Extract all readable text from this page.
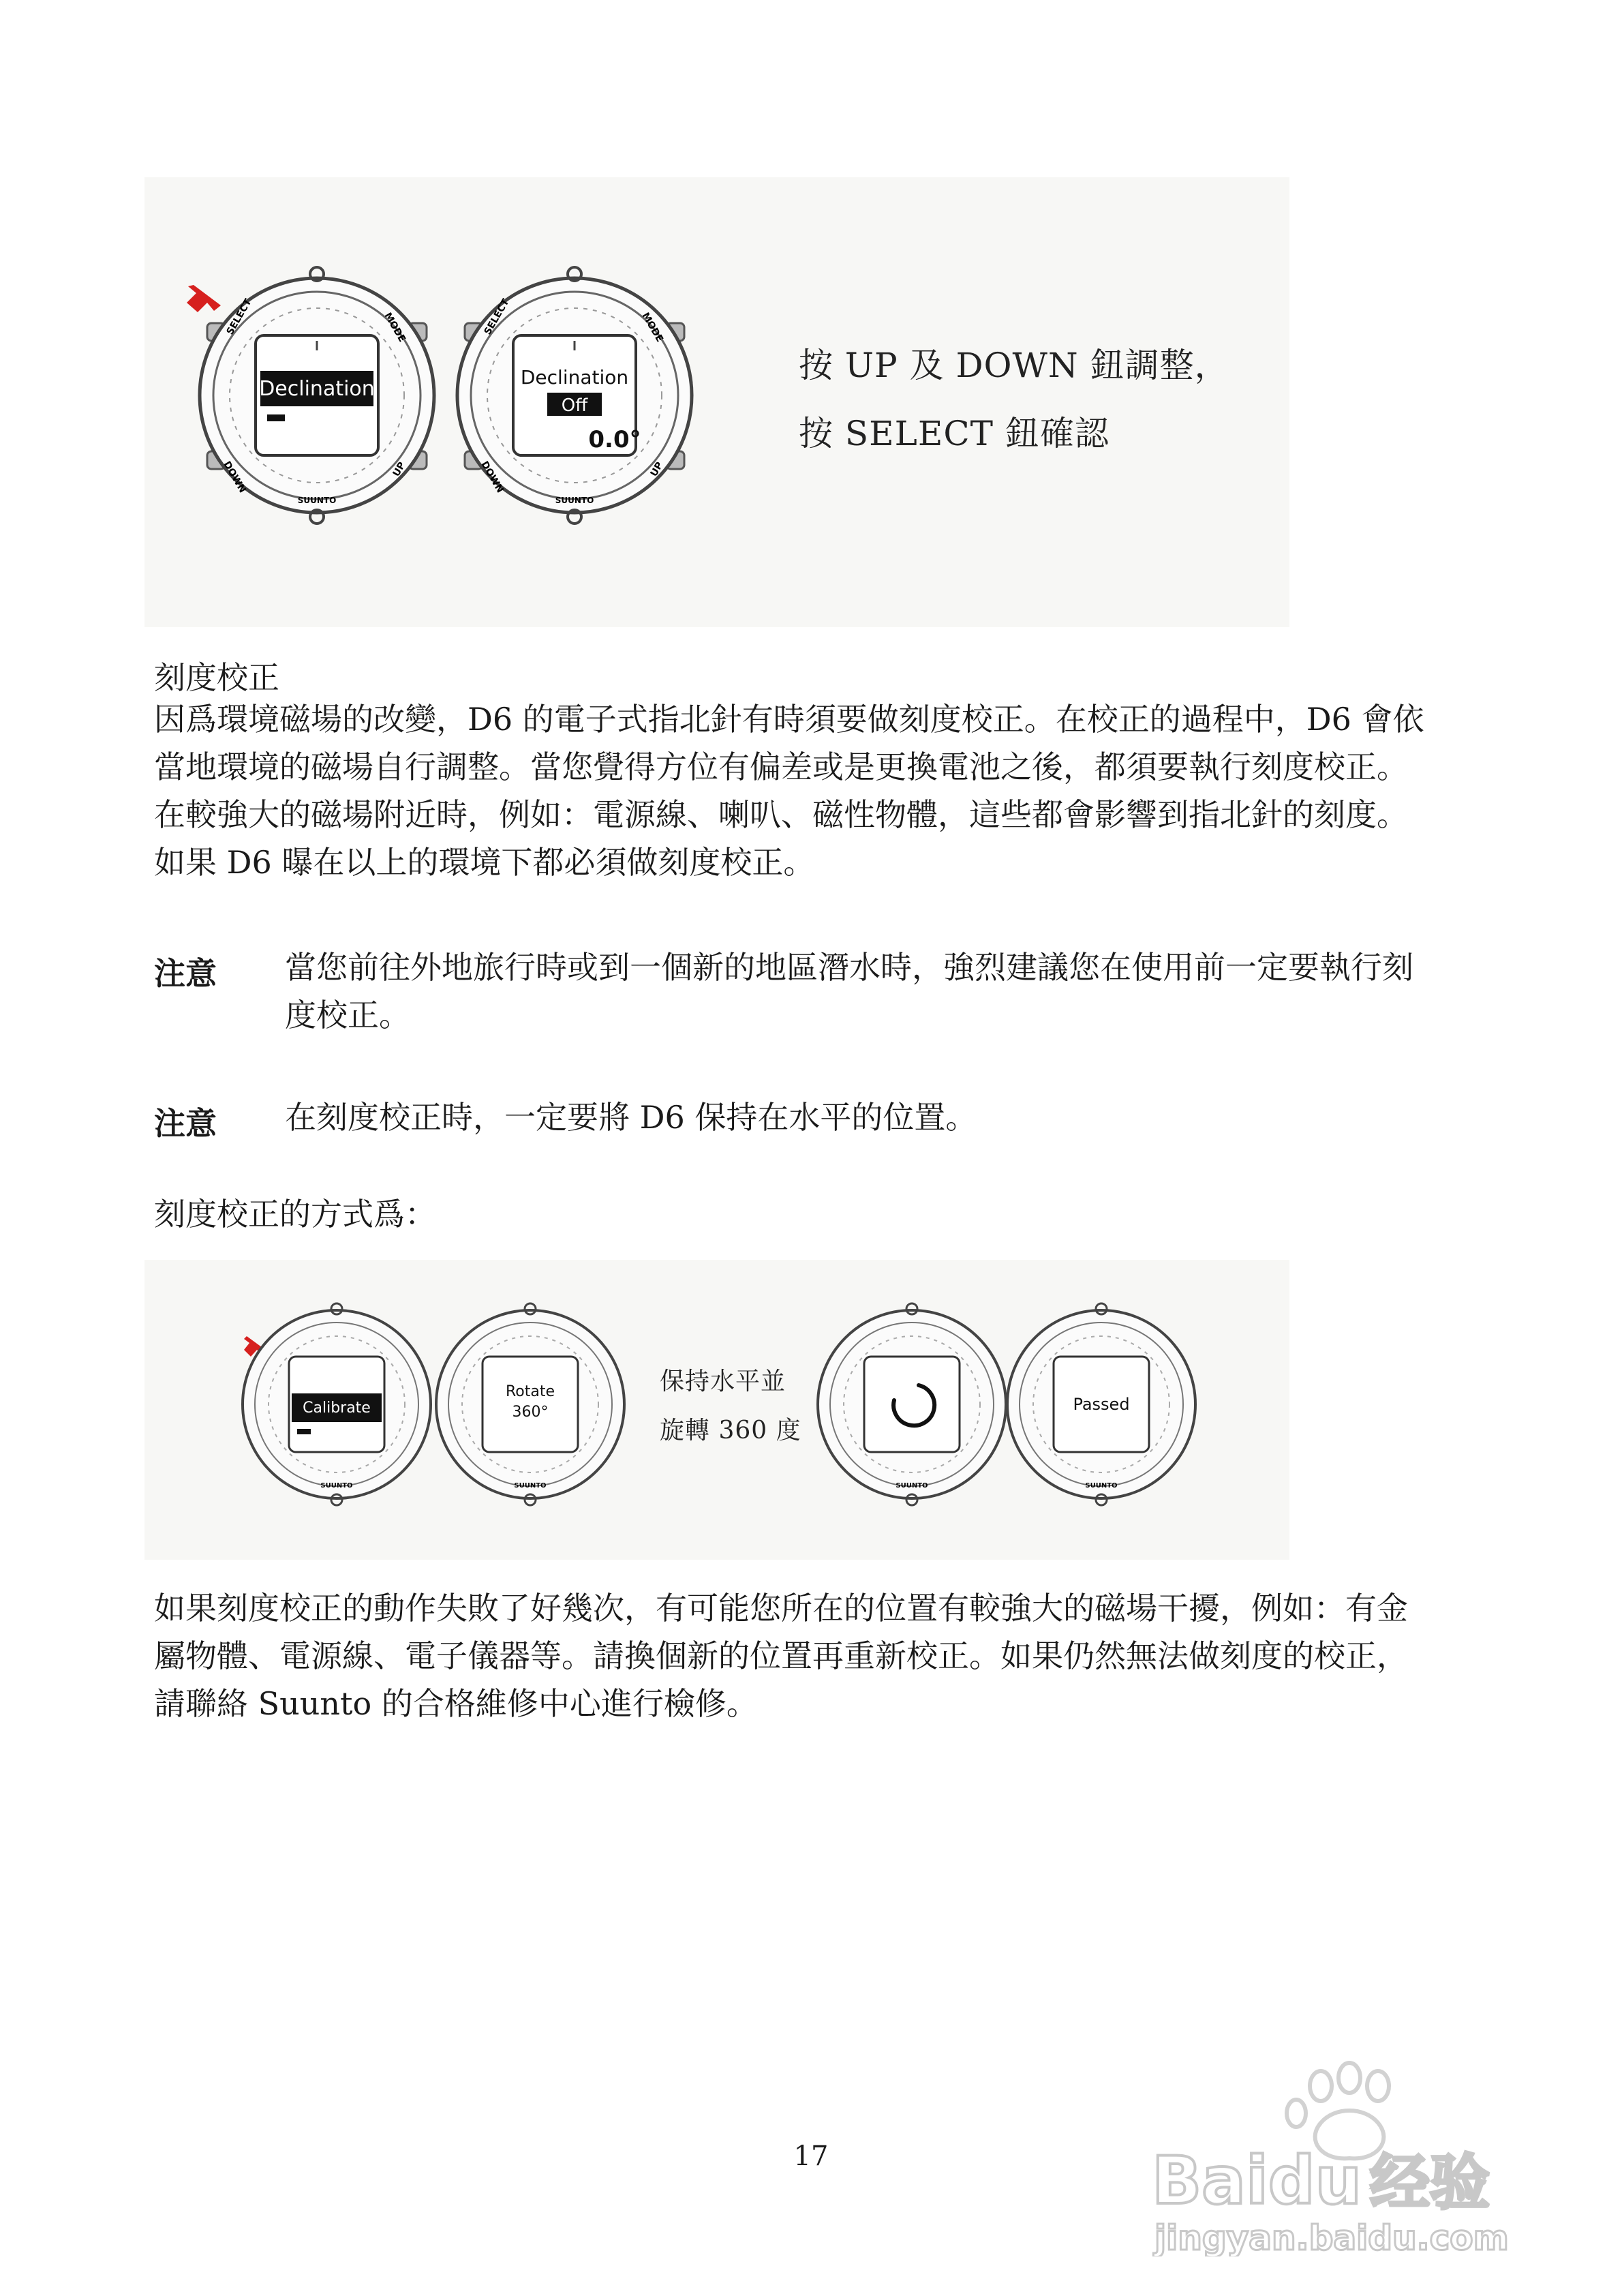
Declination
SELECT	MODE
DOWN	UP
SUUNTO
Declination
Off
0.0°
SELECT	MODE
DOWN	UP
SUUNTO
按 UP 及 DOWN 鈕調整，
按 SELECT 鈕確認
刻度校正
因爲環境磁場的改變，D6 的電子式指北針有時須要做刻度校正。在校正的過程中，D6 會依
當地環境的磁場自行調整。當您覺得方位有偏差或是更換電池之後，都須要執行刻度校正。
在較強大的磁場附近時，例如：電源線、喇叭、磁性物體，這些都會影響到指北針的刻度。
如果 D6 曝在以上的環境下都必須做刻度校正。
注意 當您前往外地旅行時或到一個新的地區潛水時，強烈建議您在使用前一定要執行刻
度校正。
注意 在刻度校正時，一定要將 D6 保持在水平的位置。
刻度校正的方式爲：
Calibrate
SUUNTO
Rotate
360°
SUUNTO	SUUNTO
Passed
SUUNTO
保持水平並
旋轉 360 度
如果刻度校正的動作失敗了好幾次，有可能您所在的位置有較強大的磁場干擾，例如：有金
屬物體、電源線、電子儀器等。請換個新的位置再重新校正。如果仍然無法做刻度的校正，
請聯絡 Suunto 的合格維修中心進行檢修。
17	Baidu 经验
jingyan.baidu.com
